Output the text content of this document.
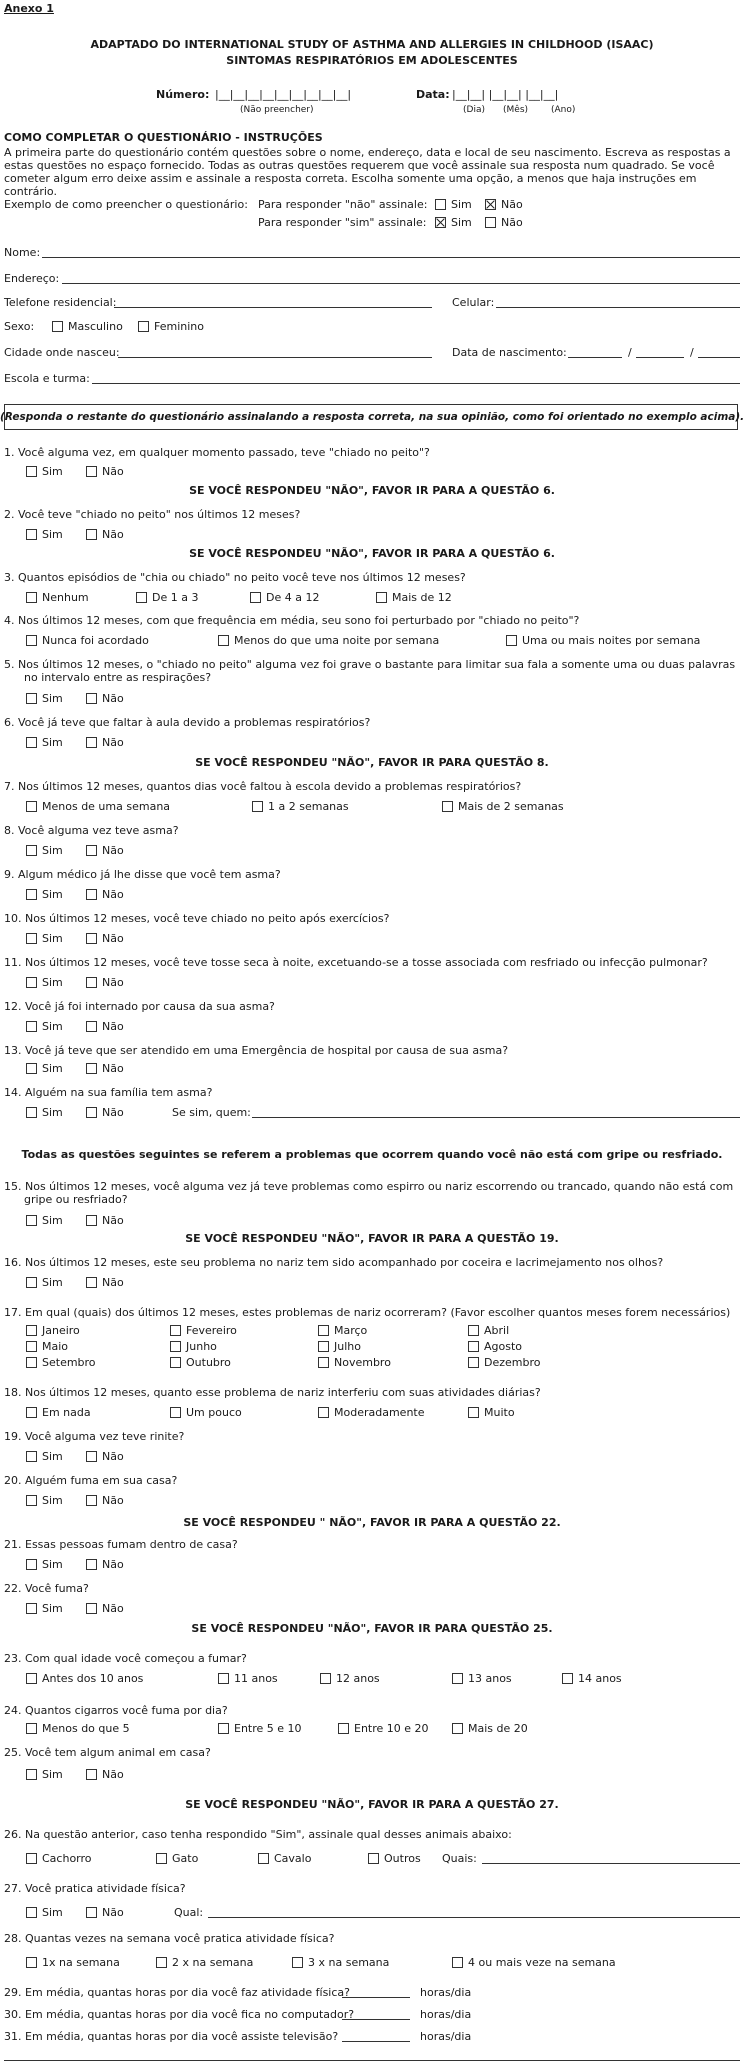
Anexo 1
ADAPTADO DO INTERNATIONAL STUDY OF ASTHMA AND ALLERGIES IN CHILDHOOD (ISAAC)
SINTOMAS RESPIRATÓRIOS EM ADOLESCENTES
Número: |__|__|__|__|__|__|__|__|__|
(Não preencher)
Data: |__|__| |__|__| |__|__|
(Dia) (Mês)	(Ano)
COMO COMPLETAR O QUESTIONÁRIO - INSTRUÇÕES
A primeira parte do questionário contém questões sobre o nome, endereço, data e local de seu nascimento. Escreva as respostas a estas questões no espaço fornecido. Todas as outras questões requerem que você assinale sua resposta num quadrado. Se você cometer algum erro deixe assim e assinale a resposta correta. Escolha somente uma opção, a menos que haja instruções em contrário.
Exemplo de como preencher o questionário: Para responder "não" assinale:	Sim	Não
Para responder "sim" assinale:	Sim	Não
Nome:
Endereço:
Telefone residencial:	Celular:
Sexo:	Masculino	Feminino
Cidade onde nasceu:	Data de nascimento:	/	/
Escola e turma:
(Responda o restante do questionário assinalando a resposta correta, na sua opinião, como foi orientado no exemplo acima).
1. Você alguma vez, em qualquer momento passado, teve "chiado no peito"?
Sim	Não
SE VOCÊ RESPONDEU "NÃO", FAVOR IR PARA A QUESTÃO 6.
2. Você teve "chiado no peito" nos últimos 12 meses?
Sim	Não
SE VOCÊ RESPONDEU "NÃO", FAVOR IR PARA A QUESTÃO 6.
3. Quantos episódios de "chia ou chiado" no peito você teve nos últimos 12 meses?
Nenhum	De 1 a 3	De 4 a 12	Mais de 12
4. Nos últimos 12 meses, com que frequência em média, seu sono foi perturbado por "chiado no peito"?
Nunca foi acordado	Menos do que uma noite por semana	Uma ou mais noites por semana
5. Nos últimos 12 meses, o "chiado no peito" alguma vez foi grave o bastante para limitar sua fala a somente uma ou duas palavras no intervalo entre as respirações?
Sim	Não
6. Você já teve que faltar à aula devido a problemas respiratórios?
Sim	Não
SE VOCÊ RESPONDEU "NÃO", FAVOR IR PARA QUESTÃO 8.
7. Nos últimos 12 meses, quantos dias você faltou à escola devido a problemas respiratórios?
Menos de uma semana	1 a 2 semanas	Mais de 2 semanas
8. Você alguma vez teve asma?
Sim	Não
9. Algum médico já lhe disse que você tem asma?
Sim	Não
10. Nos últimos 12 meses, você teve chiado no peito após exercícios?
Sim	Não
11. Nos últimos 12 meses, você teve tosse seca à noite, excetuando-se a tosse associada com resfriado ou infecção pulmonar?
Sim	Não
12. Você já foi internado por causa da sua asma?
Sim	Não
13. Você já teve que ser atendido em uma Emergência de hospital por causa de sua asma?
Sim	Não
14. Alguém na sua família tem asma?
Sim	Não	Se sim, quem:
Todas as questões seguintes se referem a problemas que ocorrem quando você não está com gripe ou resfriado.
15. Nos últimos 12 meses, você alguma vez já teve problemas como espirro ou nariz escorrendo ou trancado, quando não está com gripe ou resfriado?
Sim	Não
SE VOCÊ RESPONDEU "NÃO", FAVOR IR PARA A QUESTÃO 19.
16. Nos últimos 12 meses, este seu problema no nariz tem sido acompanhado por coceira e lacrimejamento nos olhos?
Sim	Não
17. Em qual (quais) dos últimos 12 meses, estes problemas de nariz ocorreram? (Favor escolher quantos meses forem necessários)
Janeiro	Fevereiro	Março	Abril
Maio	Junho	Julho	Agosto
Setembro	Outubro	Novembro	Dezembro
18. Nos últimos 12 meses, quanto esse problema de nariz interferiu com suas atividades diárias?
Em nada	Um pouco	Moderadamente	Muito
19. Você alguma vez teve rinite?
Sim	Não
20. Alguém fuma em sua casa?
Sim	Não
SE VOCÊ RESPONDEU " NÃO", FAVOR IR PARA A QUESTÃO 22.
21. Essas pessoas fumam dentro de casa?
Sim	Não
22. Você fuma?
Sim	Não
SE VOCÊ RESPONDEU "NÃO", FAVOR IR PARA QUESTÃO 25.
23. Com qual idade você começou a fumar?
Antes dos 10 anos	11 anos	12 anos	13 anos	14 anos
24. Quantos cigarros você fuma por dia?
Menos do que 5	Entre 5 e 10	Entre 10 e 20	Mais de 20
25. Você tem algum animal em casa?
Sim	Não
SE VOCÊ RESPONDEU "NÃO", FAVOR IR PARA A QUESTÃO 27.
26. Na questão anterior, caso tenha respondido "Sim", assinale qual desses animais abaixo:
Cachorro	Gato	Cavalo	Outros Quais:
27. Você pratica atividade física?
Sim	Não	Qual:
28. Quantas vezes na semana você pratica atividade física?
1x na semana	2 x na semana	3 x na semana	4 ou mais veze na semana
29. Em média, quantas horas por dia você faz atividade física?	horas/dia
30. Em média, quantas horas por dia você fica no computador?	horas/dia
31. Em média, quantas horas por dia você assiste televisão?	horas/dia
